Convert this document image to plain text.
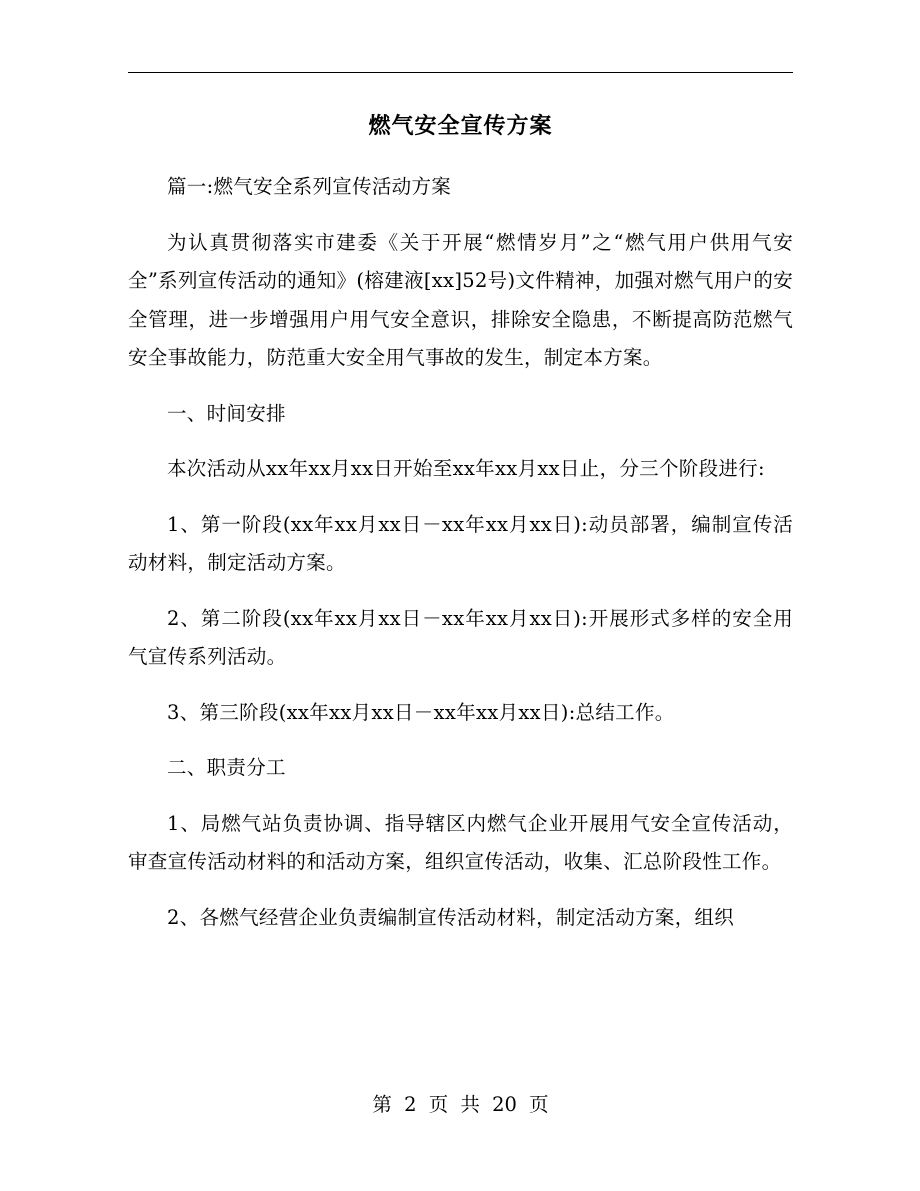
燃气安全宣传方案

篇一:燃气安全系列宣传活动方案

为认真贯彻落实市建委《关于开展“燃情岁月”之“燃气用户供用气安全”系列宣传活动的通知》(榕建液[xx]52号)文件精神，加强对燃气用户的安全管理，进一步增强用户用气安全意识，排除安全隐患，不断提高防范燃气安全事故能力，防范重大安全用气事故的发生，制定本方案。

一、时间安排

本次活动从xx年xx月xx日开始至xx年xx月xx日止，分三个阶段进行:

1、第一阶段(xx年xx月xx日－xx年xx月xx日):动员部署，编制宣传活动材料，制定活动方案。

2、第二阶段(xx年xx月xx日－xx年xx月xx日):开展形式多样的安全用气宣传系列活动。

3、第三阶段(xx年xx月xx日－xx年xx月xx日):总结工作。

二、职责分工

1、局燃气站负责协调、指导辖区内燃气企业开展用气安全宣传活动，审查宣传活动材料的和活动方案，组织宣传活动，收集、汇总阶段性工作。

2、各燃气经营企业负责编制宣传活动材料，制定活动方案，组织

第 2 页 共 20 页
